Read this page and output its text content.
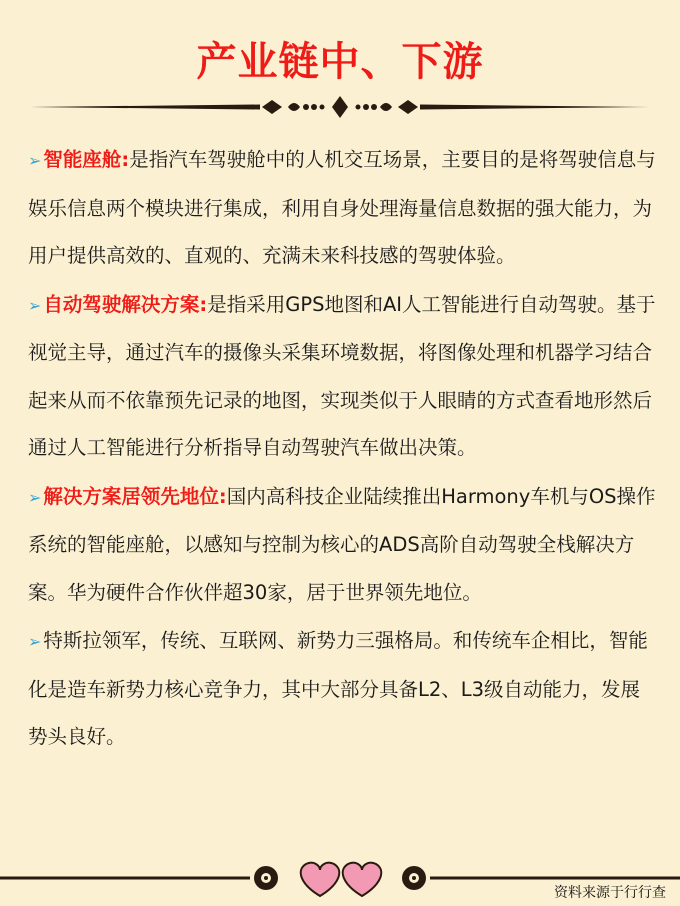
产业链中、下游

➢ 智能座舱:是指汽车驾驶舱中的人机交互场景，主要目的是将驾驶信息与娱乐信息两个模块进行集成，利用自身处理海量信息数据的强大能力，为用户提供高效的、直观的、充满未来科技感的驾驶体验。

➢ 自动驾驶解决方案:是指采用GPS地图和AI人工智能进行自动驾驶。基于视觉主导，通过汽车的摄像头采集环境数据，将图像处理和机器学习结合起来从而不依靠预先记录的地图，实现类似于人眼睛的方式查看地形然后通过人工智能进行分析指导自动驾驶汽车做出决策。

➢ 解决方案居领先地位:国内高科技企业陆续推出Harmony车机与OS操作系统的智能座舱，以感知与控制为核心的ADS高阶自动驾驶全栈解决方案。华为硬件合作伙伴超30家，居于世界领先地位。

➢ 特斯拉领军，传统、互联网、新势力三强格局。和传统车企相比，智能化是造车新势力核心竞争力，其中大部分具备L2、L3级自动能力，发展势头良好。

资料来源于行行查
